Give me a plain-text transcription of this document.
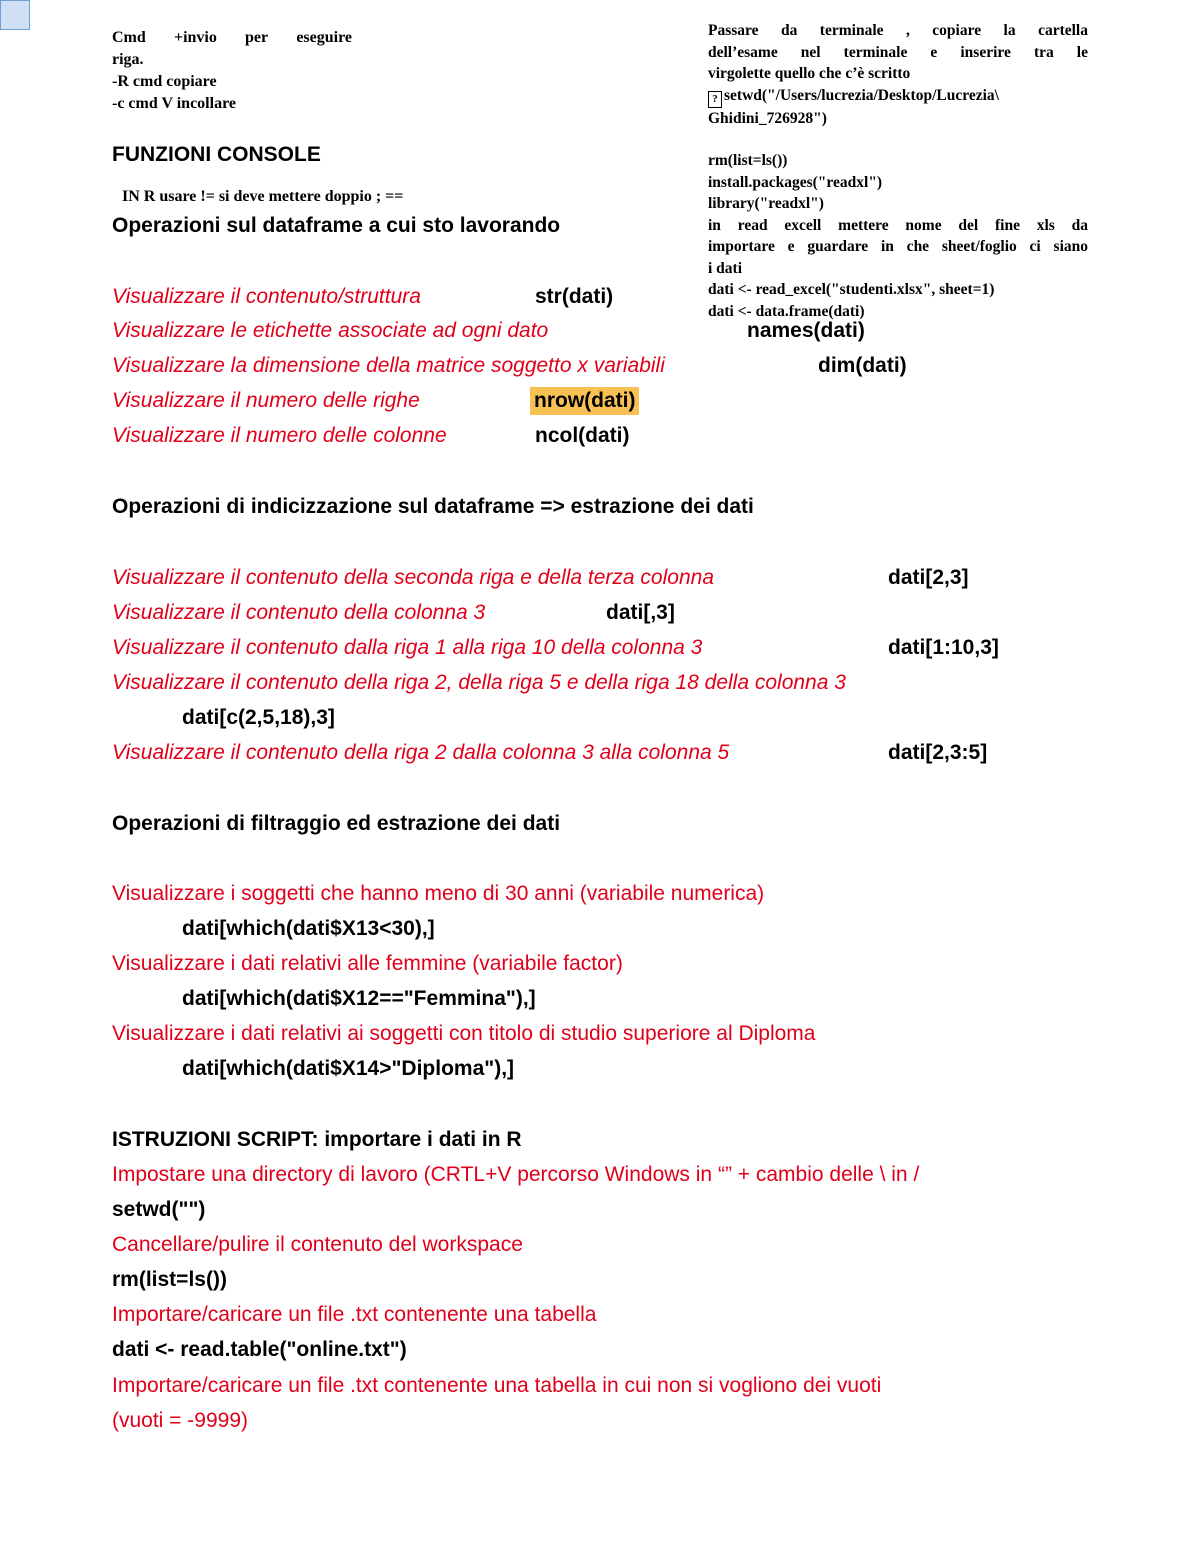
Cmd +invio per eseguire
riga.
-R cmd copiare
-c cmd V incollare
Passare da terminale , copiare la cartella
dell’esame nel terminale e inserire tra le
virgolette quello che c’è scritto
? setwd("/Users/lucrezia/Desktop/Lucrezia\
Ghidini_726928")
rm(list=ls())
install.packages("readxl")
library("readxl")
in read excell mettere nome del fine xls da
importare e guardare in che sheet/foglio ci siano
i dati
dati <- read_excel("studenti.xlsx", sheet=1)
dati <- data.frame(dati)
FUNZIONI CONSOLE
IN R usare != si deve mettere doppio ; ==
Operazioni sul dataframe a cui sto lavorando
Visualizzare il contenuto/struttura	str(dati)
Visualizzare le etichette associate ad ogni dato	names(dati)
Visualizzare la dimensione della matrice soggetto x variabili	dim(dati)
Visualizzare il numero delle righe	nrow(dati)
Visualizzare il numero delle colonne	ncol(dati)
Operazioni di indicizzazione sul dataframe => estrazione dei dati
Visualizzare il contenuto della seconda riga e della terza colonna	dati[2,3]
Visualizzare il contenuto della colonna 3	dati[,3]
Visualizzare il contenuto dalla riga 1 alla riga 10 della colonna 3	dati[1:10,3]
Visualizzare il contenuto della riga 2, della riga 5 e della riga 18 della colonna 3
dati[c(2,5,18),3]
Visualizzare il contenuto della riga 2 dalla colonna 3 alla colonna 5	dati[2,3:5]
Operazioni di filtraggio ed estrazione dei dati
Visualizzare i soggetti che hanno meno di 30 anni (variabile numerica)
dati[which(dati$X13<30),]
Visualizzare i dati relativi alle femmine (variabile factor)
dati[which(dati$X12=="Femmina"),]
Visualizzare i dati relativi ai soggetti con titolo di studio superiore al Diploma
dati[which(dati$X14>"Diploma"),]
ISTRUZIONI SCRIPT: importare i dati in R
Impostare una directory di lavoro (CRTL+V percorso Windows in “” + cambio delle \ in /
setwd("")
Cancellare/pulire il contenuto del workspace
rm(list=ls())
Importare/caricare un file .txt contenente una tabella
dati <- read.table("online.txt")
Importare/caricare un file .txt contenente una tabella in cui non si vogliono dei vuoti
(vuoti = -9999)
